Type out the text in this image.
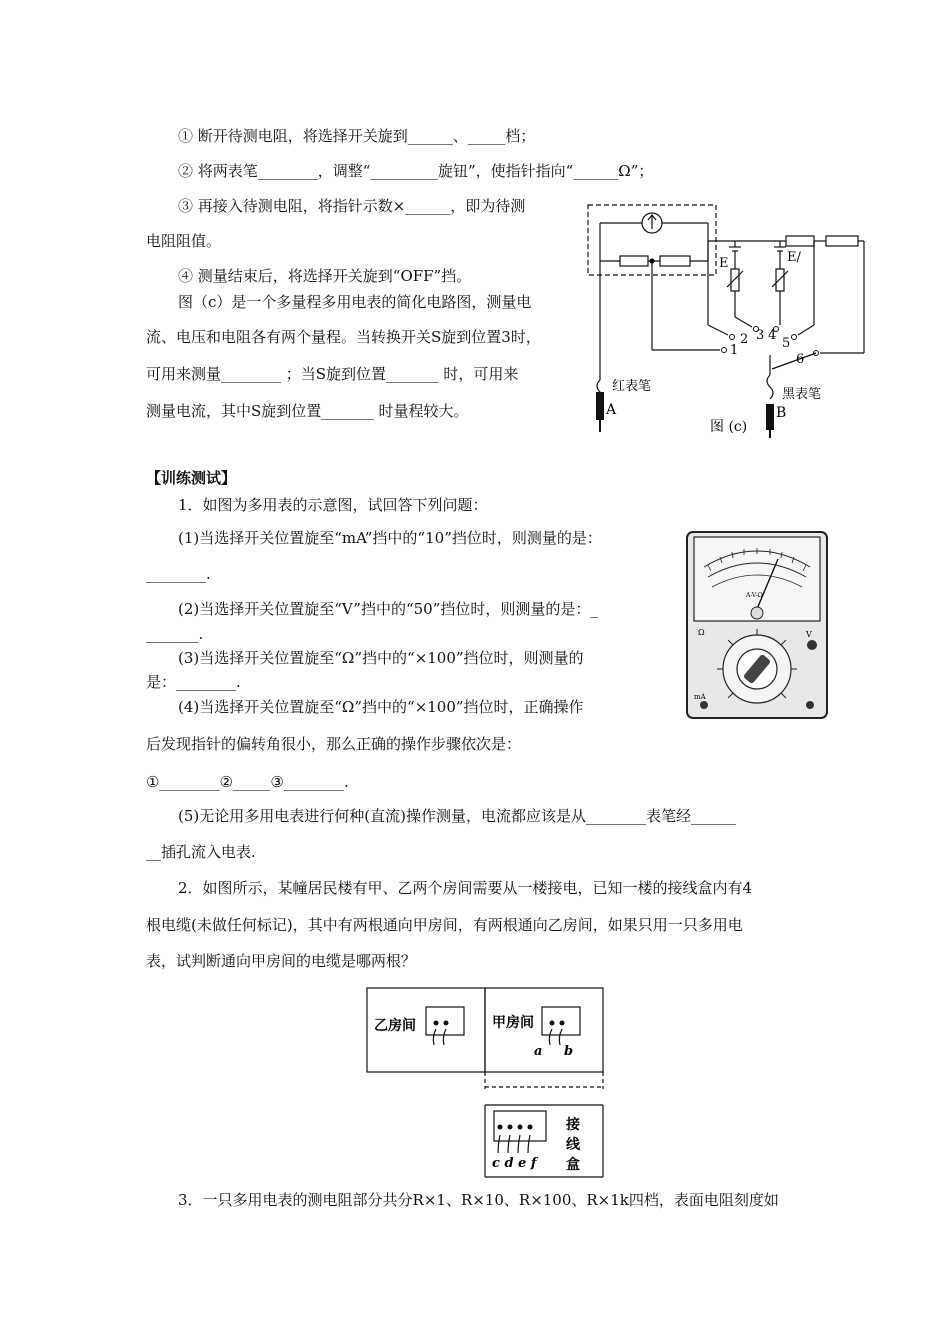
① 断开待测电阻，将选择开关旋到______、_____档；
② 将两表笔________，调整“_________旋钮”，使指针指向“______Ω”；
③ 再接入待测电阻，将指针示数×______，即为待测
电阻阻值。
④ 测量结束后，将选择开关旋到“OFF”挡。
图（c）是一个多量程多用电表的简化电路图，测量电
流、电压和电阻各有两个量程。当转换开关S旋到位置3时，
可用来测量________ ；当S旋到位置_______ 时，可用来
测量电流，其中S旋到位置_______ 时量程较大。
1
2 3 4
5
6
E	E/
红表笔
A
黑表笔
B
图 (c)
【训练测试】
1．如图为多用表的示意图，试回答下列问题：
(1)当选择开关位置旋至“mA”挡中的“10”挡位时，则测量的是：
________.
(2)当选择开关位置旋至“V”挡中的“50”挡位时，则测量的是：_
_______.
(3)当选择开关位置旋至“Ω”挡中的“×100”挡位时，则测量的
是：________.
(4)当选择开关位置旋至“Ω”挡中的“×100”挡位时，正确操作
后发现指针的偏转角很小，那么正确的操作步骤依次是：
①________②_____③________.
(5)无论用多用电表进行何种(直流)操作测量，电流都应该是从________表笔经______
__插孔流入电表.
A-V-Ω
Ω
mA
V
2．如图所示，某幢居民楼有甲、乙两个房间需要从一楼接电，已知一楼的接线盒内有4
根电缆(未做任何标记)，其中有两根通向甲房间，有两根通向乙房间，如果只用一只多用电
表，试判断通向甲房间的电缆是哪两根？
乙房间	甲房间
a b
c d e f
接
线
盒
3．一只多用电表的测电阻部分共分R×1、R×10、R×100、R×1k四档，表面电阻刻度如
